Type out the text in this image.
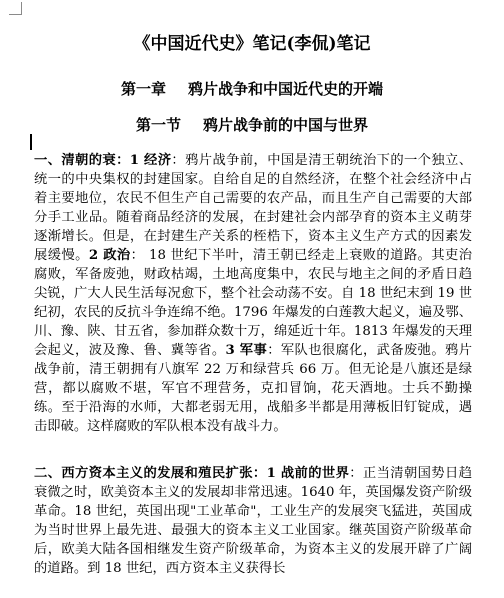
《中国近代史》笔记(李侃)笔记
第一章 鸦片战争和中国近代史的开端
第一节 鸦片战争前的中国与世界
一、清朝的衰：1 经济：鸦片战争前，中国是清王朝统治下的一个独立、统一的中央集权的封建国家。自给自足的自然经济，在整个社会经济中占着主要地位，农民不但生产自己需要的农产品，而且生产自己需要的大部分手工业品。随着商品经济的发展，在封建社会内部孕育的资本主义萌芽逐渐增长。但是，在封建生产关系的桎梏下，资本主义生产方式的因素发展缓慢。2 政治： 18 世纪下半叶，清王朝已经走上衰败的道路。其吏治腐败，军备废弛，财政枯竭，土地高度集中，农民与地主之间的矛盾日趋尖锐，广大人民生活每况愈下，整个社会动荡不安。自 18 世纪末到 19 世纪初，农民的反抗斗争连绵不绝。1796 年爆发的白莲教大起义，遍及鄂、川、豫、陕、甘五省，参加群众数十万，绵延近十年。1813 年爆发的天理会起义，波及豫、鲁、冀等省。3 军事：军队也很腐化，武备废弛。鸦片战争前，清王朝拥有八旗军 22 万和绿营兵 66 万。但无论是八旗还是绿营，都以腐败不堪，军官不理营务，克扣冒饷，花天酒地。士兵不勤操练。至于沿海的水师，大都老弱无用，战船多半都是用薄板旧钉锭成，遇击即破。这样腐败的军队根本没有战斗力。
二、西方资本主义的发展和殖民扩张：1 战前的世界：正当清朝国势日趋衰微之时，欧美资本主义的发展却非常迅速。1640 年，英国爆发资产阶级革命。18 世纪，英国出现"工业革命"，工业生产的发展突飞猛进，英国成为当时世界上最先进、最强大的资本主义工业国家。继英国资产阶级革命后，欧美大陆各国相继发生资产阶级革命，为资本主义的发展开辟了广阔的道路。到 18 世纪，西方资本主义获得长
